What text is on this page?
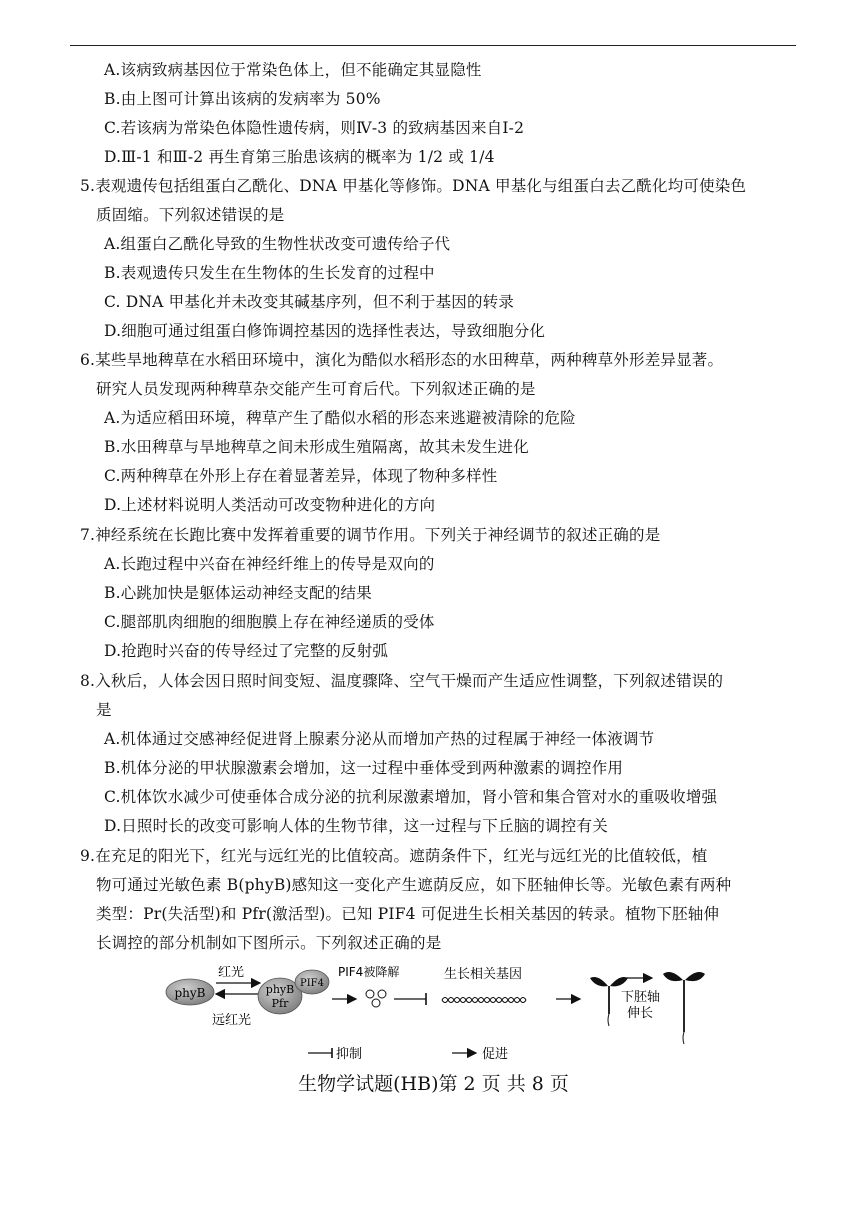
A.该病致病基因位于常染色体上，但不能确定其显隐性
B.由上图可计算出该病的发病率为 50%
C.若该病为常染色体隐性遗传病，则Ⅳ-3 的致病基因来自Ⅰ-2
D.Ⅲ-1 和Ⅲ-2 再生育第三胎患该病的概率为 1/2 或 1/4
5.表观遗传包括组蛋白乙酰化、DNA 甲基化等修饰。DNA 甲基化与组蛋白去乙酰化均可使染色
质固缩。下列叙述错误的是
A.组蛋白乙酰化导致的生物性状改变可遗传给子代
B.表观遗传只发生在生物体的生长发育的过程中
C. DNA 甲基化并未改变其碱基序列，但不利于基因的转录
D.细胞可通过组蛋白修饰调控基因的选择性表达，导致细胞分化
6.某些旱地稗草在水稻田环境中，演化为酷似水稻形态的水田稗草，两种稗草外形差异显著。
研究人员发现两种稗草杂交能产生可育后代。下列叙述正确的是
A.为适应稻田环境，稗草产生了酷似水稻的形态来逃避被清除的危险
B.水田稗草与旱地稗草之间未形成生殖隔离，故其未发生进化
C.两种稗草在外形上存在着显著差异，体现了物种多样性
D.上述材料说明人类活动可改变物种进化的方向
7.神经系统在长跑比赛中发挥着重要的调节作用。下列关于神经调节的叙述正确的是
A.长跑过程中兴奋在神经纤维上的传导是双向的
B.心跳加快是躯体运动神经支配的结果
C.腿部肌肉细胞的细胞膜上存在神经递质的受体
D.抢跑时兴奋的传导经过了完整的反射弧
8.入秋后，人体会因日照时间变短、温度骤降、空气干燥而产生适应性调整，下列叙述错误的
是
A.机体通过交感神经促进肾上腺素分泌从而增加产热的过程属于神经一体液调节
B.机体分泌的甲状腺激素会增加，这一过程中垂体受到两种激素的调控作用
C.机体饮水减少可使垂体合成分泌的抗利尿激素增加，肾小管和集合管对水的重吸收增强
D.日照时长的改变可影响人体的生物节律，这一过程与下丘脑的调控有关
9.在充足的阳光下，红光与远红光的比值较高。遮荫条件下，红光与远红光的比值较低，植
物可通过光敏色素 B(phyB)感知这一变化产生遮荫反应，如下胚轴伸长等。光敏色素有两种
类型：Pr(失活型)和 Pfr(激活型)。已知 PIF4 可促进生长相关基因的转录。植物下胚轴伸
长调控的部分机制如下图所示。下列叙述正确的是
phyB
红光
远红光
phyB
Pfr
PIF4
PIF4被降解	生长相关基因
下胚轴
伸长
抑制	促进
生物学试题(HB)第 2 页 共 8 页
